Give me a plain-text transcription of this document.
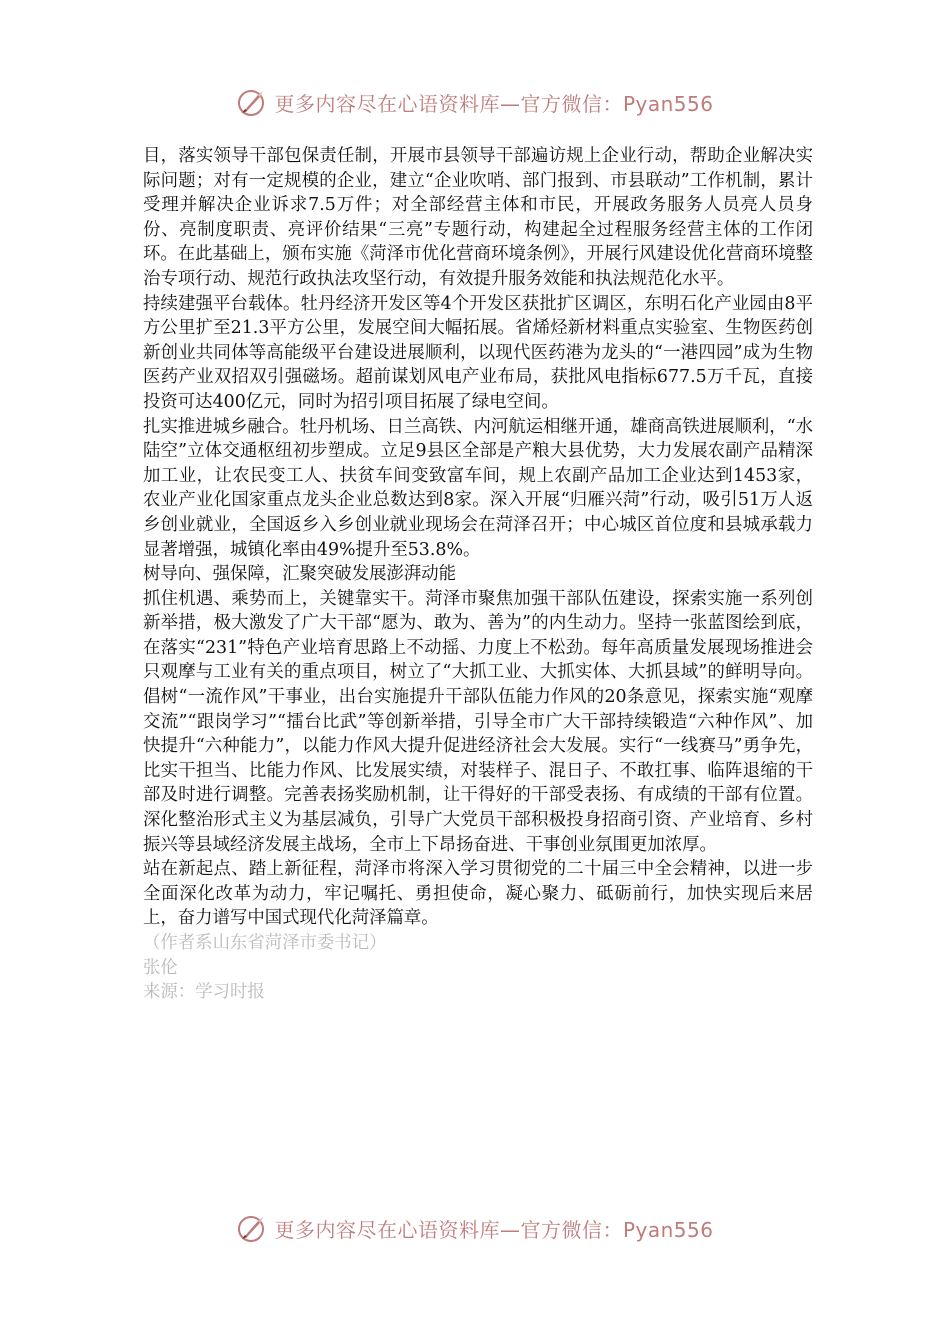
更多内容尽在心语资料库—官方微信：Pyan556

目，落实领导干部包保责任制，开展市县领导干部遍访规上企业行动，帮助企业解决实际问题；对有一定规模的企业，建立“企业吹哨、部门报到、市县联动”工作机制，累计受理并解决企业诉求7.5万件；对全部经营主体和市民，开展政务服务人员亮人员身份、亮制度职责、亮评价结果“三亮”专题行动，构建起全过程服务经营主体的工作闭环。在此基础上，颁布实施《菏泽市优化营商环境条例》，开展行风建设优化营商环境整治专项行动、规范行政执法攻坚行动，有效提升服务效能和执法规范化水平。

持续建强平台载体。牡丹经济开发区等4个开发区获批扩区调区，东明石化产业园由8平方公里扩至21.3平方公里，发展空间大幅拓展。省烯烃新材料重点实验室、生物医药创新创业共同体等高能级平台建设进展顺利，以现代医药港为龙头的“一港四园”成为生物医药产业双招双引强磁场。超前谋划风电产业布局，获批风电指标677.5万千瓦，直接投资可达400亿元，同时为招引项目拓展了绿电空间。

扎实推进城乡融合。牡丹机场、日兰高铁、内河航运相继开通，雄商高铁进展顺利，“水陆空”立体交通枢纽初步塑成。立足9县区全部是产粮大县优势，大力发展农副产品精深加工业，让农民变工人、扶贫车间变致富车间，规上农副产品加工企业达到1453家，农业产业化国家重点龙头企业总数达到8家。深入开展“归雁兴菏”行动，吸引51万人返乡创业就业，全国返乡入乡创业就业现场会在菏泽召开；中心城区首位度和县城承载力显著增强，城镇化率由49%提升至53.8%。

树导向、强保障，汇聚突破发展澎湃动能

抓住机遇、乘势而上，关键靠实干。菏泽市聚焦加强干部队伍建设，探索实施一系列创新举措，极大激发了广大干部“愿为、敢为、善为”的内生动力。坚持一张蓝图绘到底，在落实“231”特色产业培育思路上不动摇、力度上不松劲。每年高质量发展现场推进会只观摩与工业有关的重点项目，树立了“大抓工业、大抓实体、大抓县域”的鲜明导向。倡树“一流作风”干事业，出台实施提升干部队伍能力作风的20条意见，探索实施“观摩交流”“跟岗学习”“擂台比武”等创新举措，引导全市广大干部持续锻造“六种作风”、加快提升“六种能力”，以能力作风大提升促进经济社会大发展。实行“一线赛马”勇争先，比实干担当、比能力作风、比发展实绩，对装样子、混日子、不敢扛事、临阵退缩的干部及时进行调整。完善表扬奖励机制，让干得好的干部受表扬、有成绩的干部有位置。深化整治形式主义为基层减负，引导广大党员干部积极投身招商引资、产业培育、乡村振兴等县域经济发展主战场，全市上下昂扬奋进、干事创业氛围更加浓厚。

站在新起点、踏上新征程，菏泽市将深入学习贯彻党的二十届三中全会精神，以进一步全面深化改革为动力，牢记嘱托、勇担使命，凝心聚力、砥砺前行，加快实现后来居上，奋力谱写中国式现代化菏泽篇章。

（作者系山东省菏泽市委书记）

张伦

来源：学习时报

更多内容尽在心语资料库—官方微信：Pyan556
